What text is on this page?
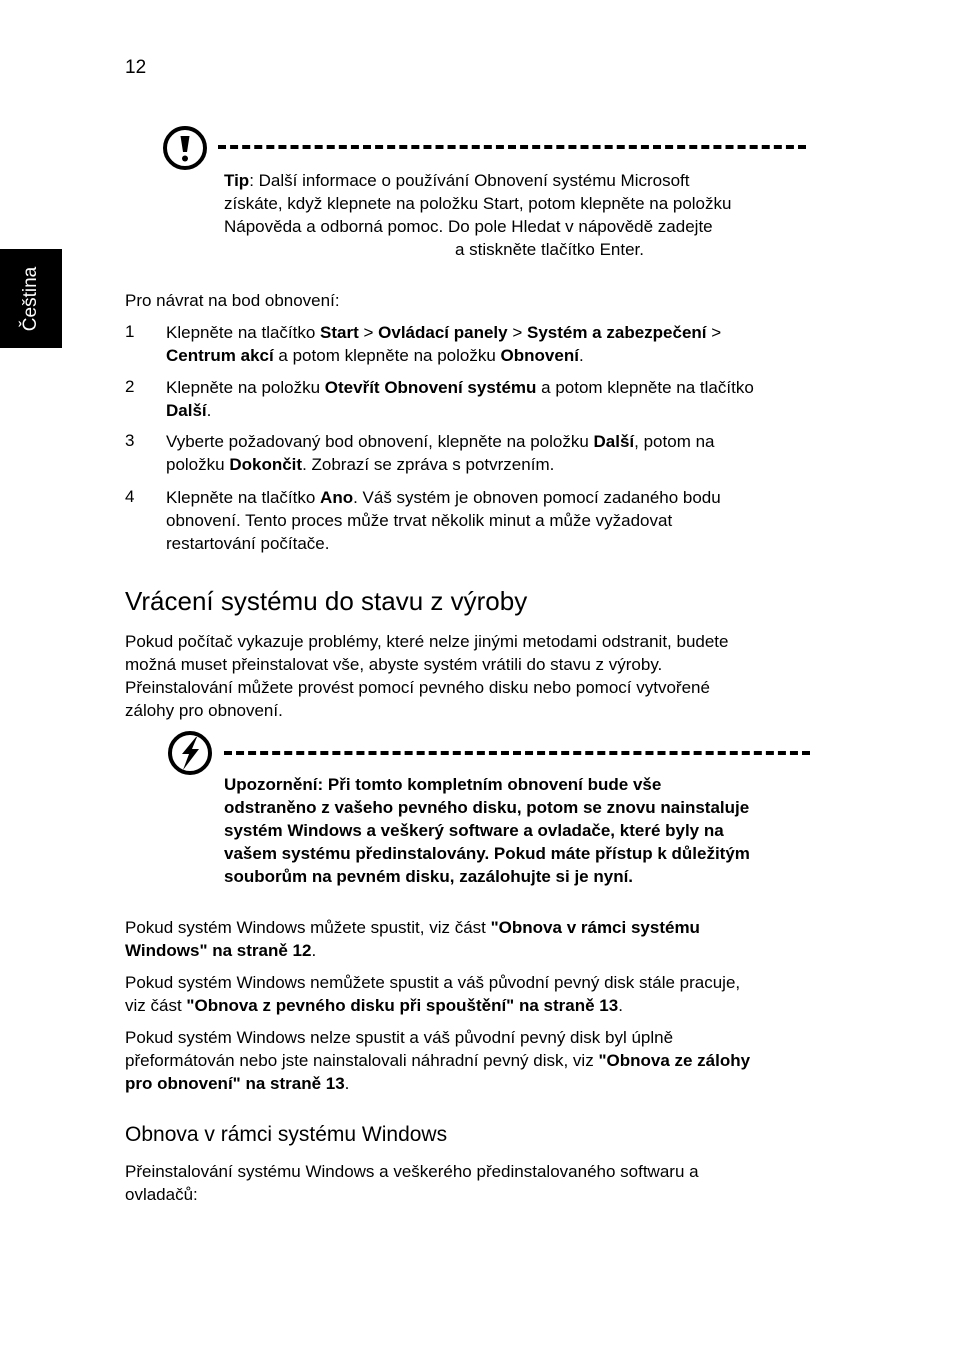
12
Čeština
Tip: Další informace o používání Obnovení systému Microsoft
získáte, když klepnete na položku Start, potom klepněte na položku
Nápověda a odborná pomoc. Do pole Hledat v nápovědě zadejte
a stiskněte tlačítko Enter.
Pro návrat na bod obnovení:
1 Klepněte na tlačítko Start > Ovládací panely > Systém a zabezpečení >
Centrum akcí a potom klepněte na položku Obnovení.
2 Klepněte na položku Otevřít Obnovení systému a potom klepněte na tlačítko
Další.
3 Vyberte požadovaný bod obnovení, klepněte na položku Další, potom na
položku Dokončit. Zobrazí se zpráva s potvrzením.
4 Klepněte na tlačítko Ano. Váš systém je obnoven pomocí zadaného bodu
obnovení. Tento proces může trvat několik minut a může vyžadovat
restartování počítače.
Vrácení systému do stavu z výroby
Pokud počítač vykazuje problémy, které nelze jinými metodami odstranit, budete
možná muset přeinstalovat vše, abyste systém vrátili do stavu z výroby.
Přeinstalování můžete provést pomocí pevného disku nebo pomocí vytvořené
zálohy pro obnovení.
Upozornění: Při tomto kompletním obnovení bude vše
odstraněno z vašeho pevného disku, potom se znovu nainstaluje
systém Windows a veškerý software a ovladače, které byly na
vašem systému předinstalovány. Pokud máte přístup k důležitým
souborům na pevném disku, zazálohujte si je nyní.
Pokud systém Windows můžete spustit, viz část "Obnova v rámci systému
Windows" na straně 12.
Pokud systém Windows nemůžete spustit a váš původní pevný disk stále pracuje,
viz část "Obnova z pevného disku při spouštění" na straně 13.
Pokud systém Windows nelze spustit a váš původní pevný disk byl úplně
přeformátován nebo jste nainstalovali náhradní pevný disk, viz "Obnova ze zálohy
pro obnovení" na straně 13.
Obnova v rámci systému Windows
Přeinstalování systému Windows a veškerého předinstalovaného softwaru a
ovladačů:
